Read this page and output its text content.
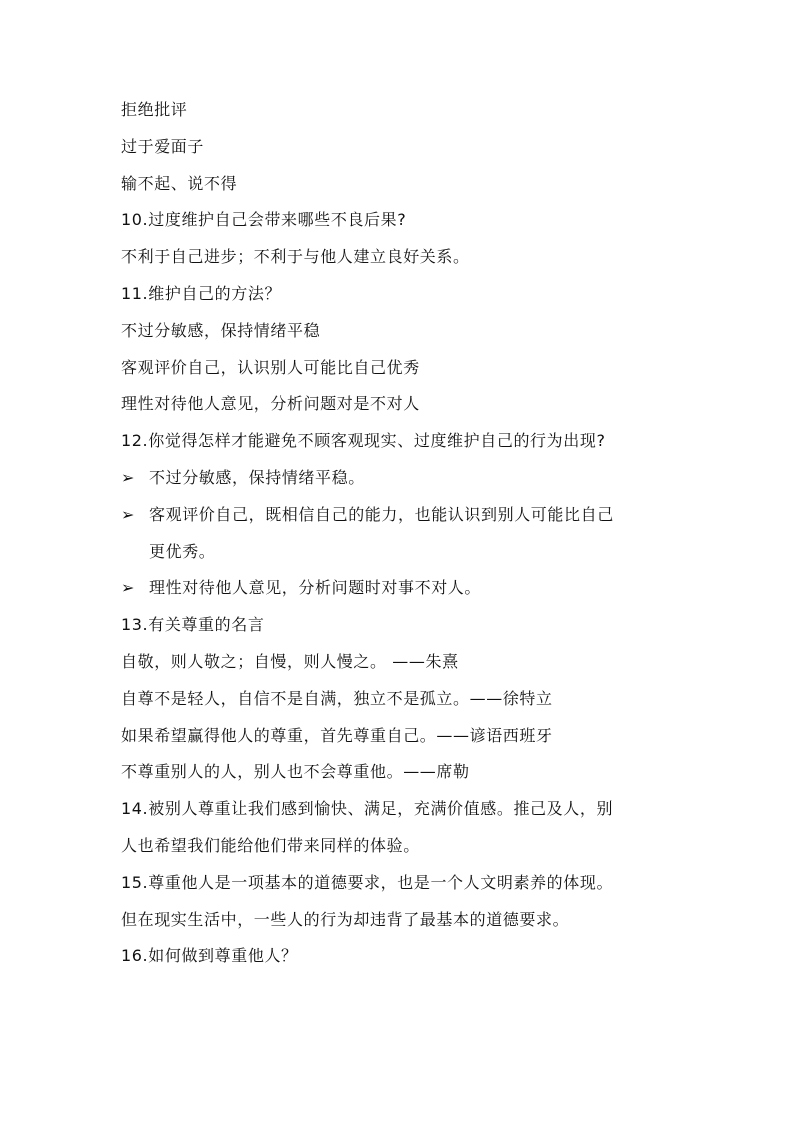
拒绝批评
过于爱面子
输不起、说不得
10.过度维护自己会带来哪些不良后果?
不利于自己进步；不利于与他人建立良好关系。
11.维护自己的方法？
不过分敏感，保持情绪平稳
客观评价自己，认识别人可能比自己优秀
理性对待他人意见，分析问题对是不对人
12.你觉得怎样才能避免不顾客观现实、过度维护自己的行为出现?
➢ 不过分敏感，保持情绪平稳。
➢ 客观评价自己，既相信自己的能力，也能认识到别人可能比自己
更优秀。
➢ 理性对待他人意见，分析问题时对事不对人。
13.有关尊重的名言
自敬，则人敬之；自慢，则人慢之。 ——朱熹
自尊不是轻人，自信不是自满，独立不是孤立。——徐特立
如果希望赢得他人的尊重，首先尊重自己。——谚语西班牙
不尊重别人的人，别人也不会尊重他。——席勒
14.被别人尊重让我们感到愉快、满足，充满价值感。推己及人，别
人也希望我们能给他们带来同样的体验。
15.尊重他人是一项基本的道德要求，也是一个人文明素养的体现。
但在现实生活中，一些人的行为却违背了最基本的道德要求。
16.如何做到尊重他人？
